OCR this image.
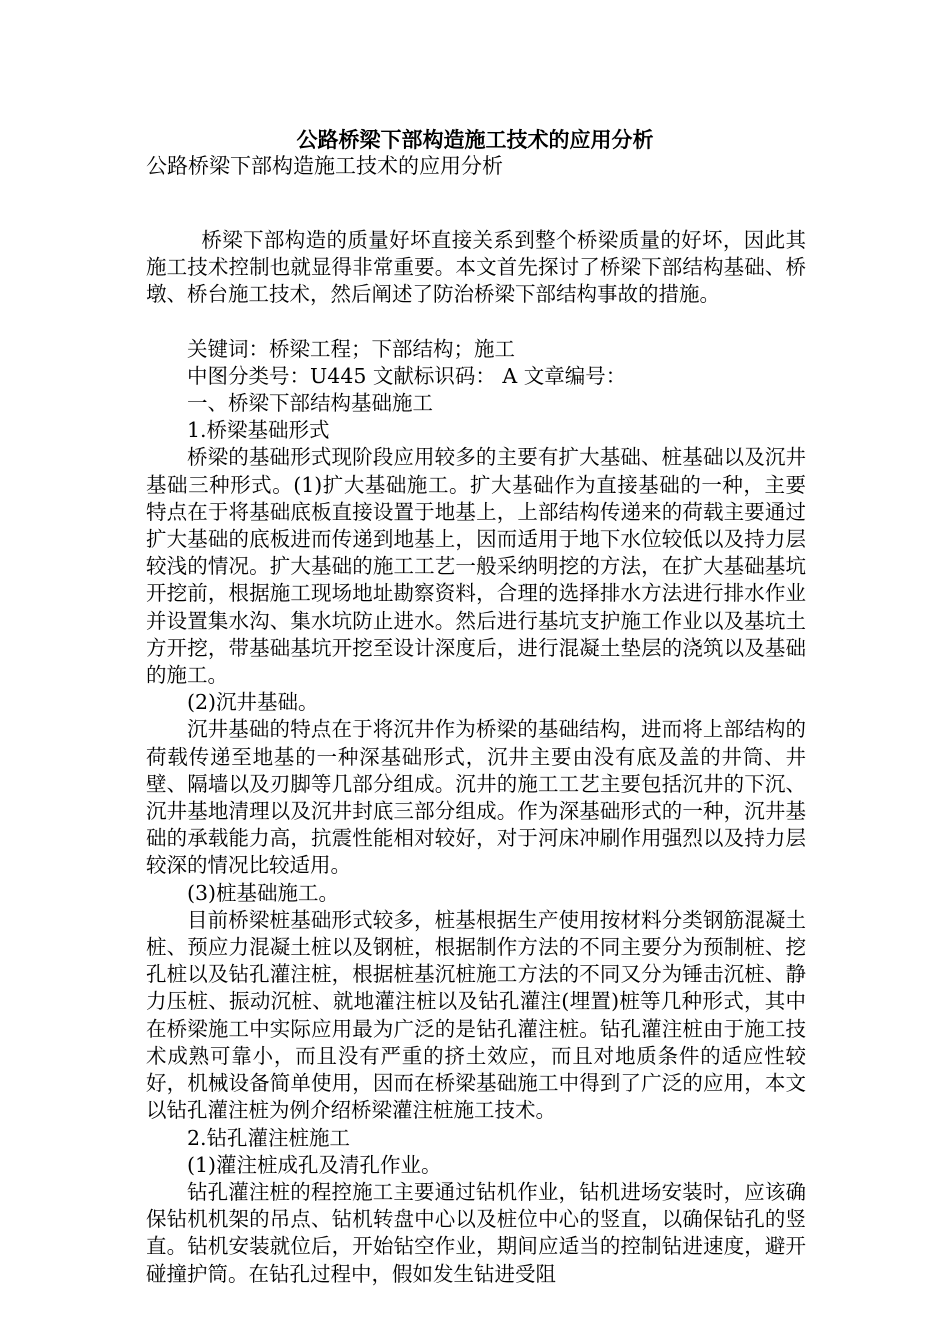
公路桥梁下部构造施工技术的应用分析

公路桥梁下部构造施工技术的应用分析

桥梁下部构造的质量好坏直接关系到整个桥梁质量的好坏，因此其施工技术控制也就显得非常重要。本文首先探讨了桥梁下部结构基础、桥墩、桥台施工技术，然后阐述了防治桥梁下部结构事故的措施。

关键词：桥梁工程；下部结构；施工

中图分类号：U445 文献标识码： A 文章编号：

一、桥梁下部结构基础施工

1.桥梁基础形式

桥梁的基础形式现阶段应用较多的主要有扩大基础、桩基础以及沉井基础三种形式。(1)扩大基础施工。扩大基础作为直接基础的一种，主要特点在于将基础底板直接设置于地基上，上部结构传递来的荷载主要通过扩大基础的底板进而传递到地基上，因而适用于地下水位较低以及持力层较浅的情况。扩大基础的施工工艺一般采纳明挖的方法，在扩大基础基坑开挖前，根据施工现场地址勘察资料，合理的选择排水方法进行排水作业并设置集水沟、集水坑防止进水。然后进行基坑支护施工作业以及基坑土方开挖，带基础基坑开挖至设计深度后，进行混凝土垫层的浇筑以及基础的施工。

(2)沉井基础。

沉井基础的特点在于将沉井作为桥梁的基础结构，进而将上部结构的荷载传递至地基的一种深基础形式，沉井主要由没有底及盖的井筒、井壁、隔墙以及刃脚等几部分组成。沉井的施工工艺主要包括沉井的下沉、沉井基地清理以及沉井封底三部分组成。作为深基础形式的一种，沉井基础的承载能力高，抗震性能相对较好，对于河床冲刷作用强烈以及持力层较深的情况比较适用。

(3)桩基础施工。

目前桥梁桩基础形式较多，桩基根据生产使用按材料分类钢筋混凝土桩、预应力混凝土桩以及钢桩，根据制作方法的不同主要分为预制桩、挖孔桩以及钻孔灌注桩，根据桩基沉桩施工方法的不同又分为锤击沉桩、静力压桩、振动沉桩、就地灌注桩以及钻孔灌注(埋置)桩等几种形式，其中在桥梁施工中实际应用最为广泛的是钻孔灌注桩。钻孔灌注桩由于施工技术成熟可靠小，而且没有严重的挤土效应，而且对地质条件的适应性较好，机械设备简单使用，因而在桥梁基础施工中得到了广泛的应用，本文以钻孔灌注桩为例介绍桥梁灌注桩施工技术。

2.钻孔灌注桩施工

(1)灌注桩成孔及清孔作业。

钻孔灌注桩的程控施工主要通过钻机作业，钻机进场安装时，应该确保钻机机架的吊点、钻机转盘中心以及桩位中心的竖直，以确保钻孔的竖直。钻机安装就位后，开始钻空作业，期间应适当的控制钻进速度，避开碰撞护筒。在钻孔过程中，假如发生钻进受阻
